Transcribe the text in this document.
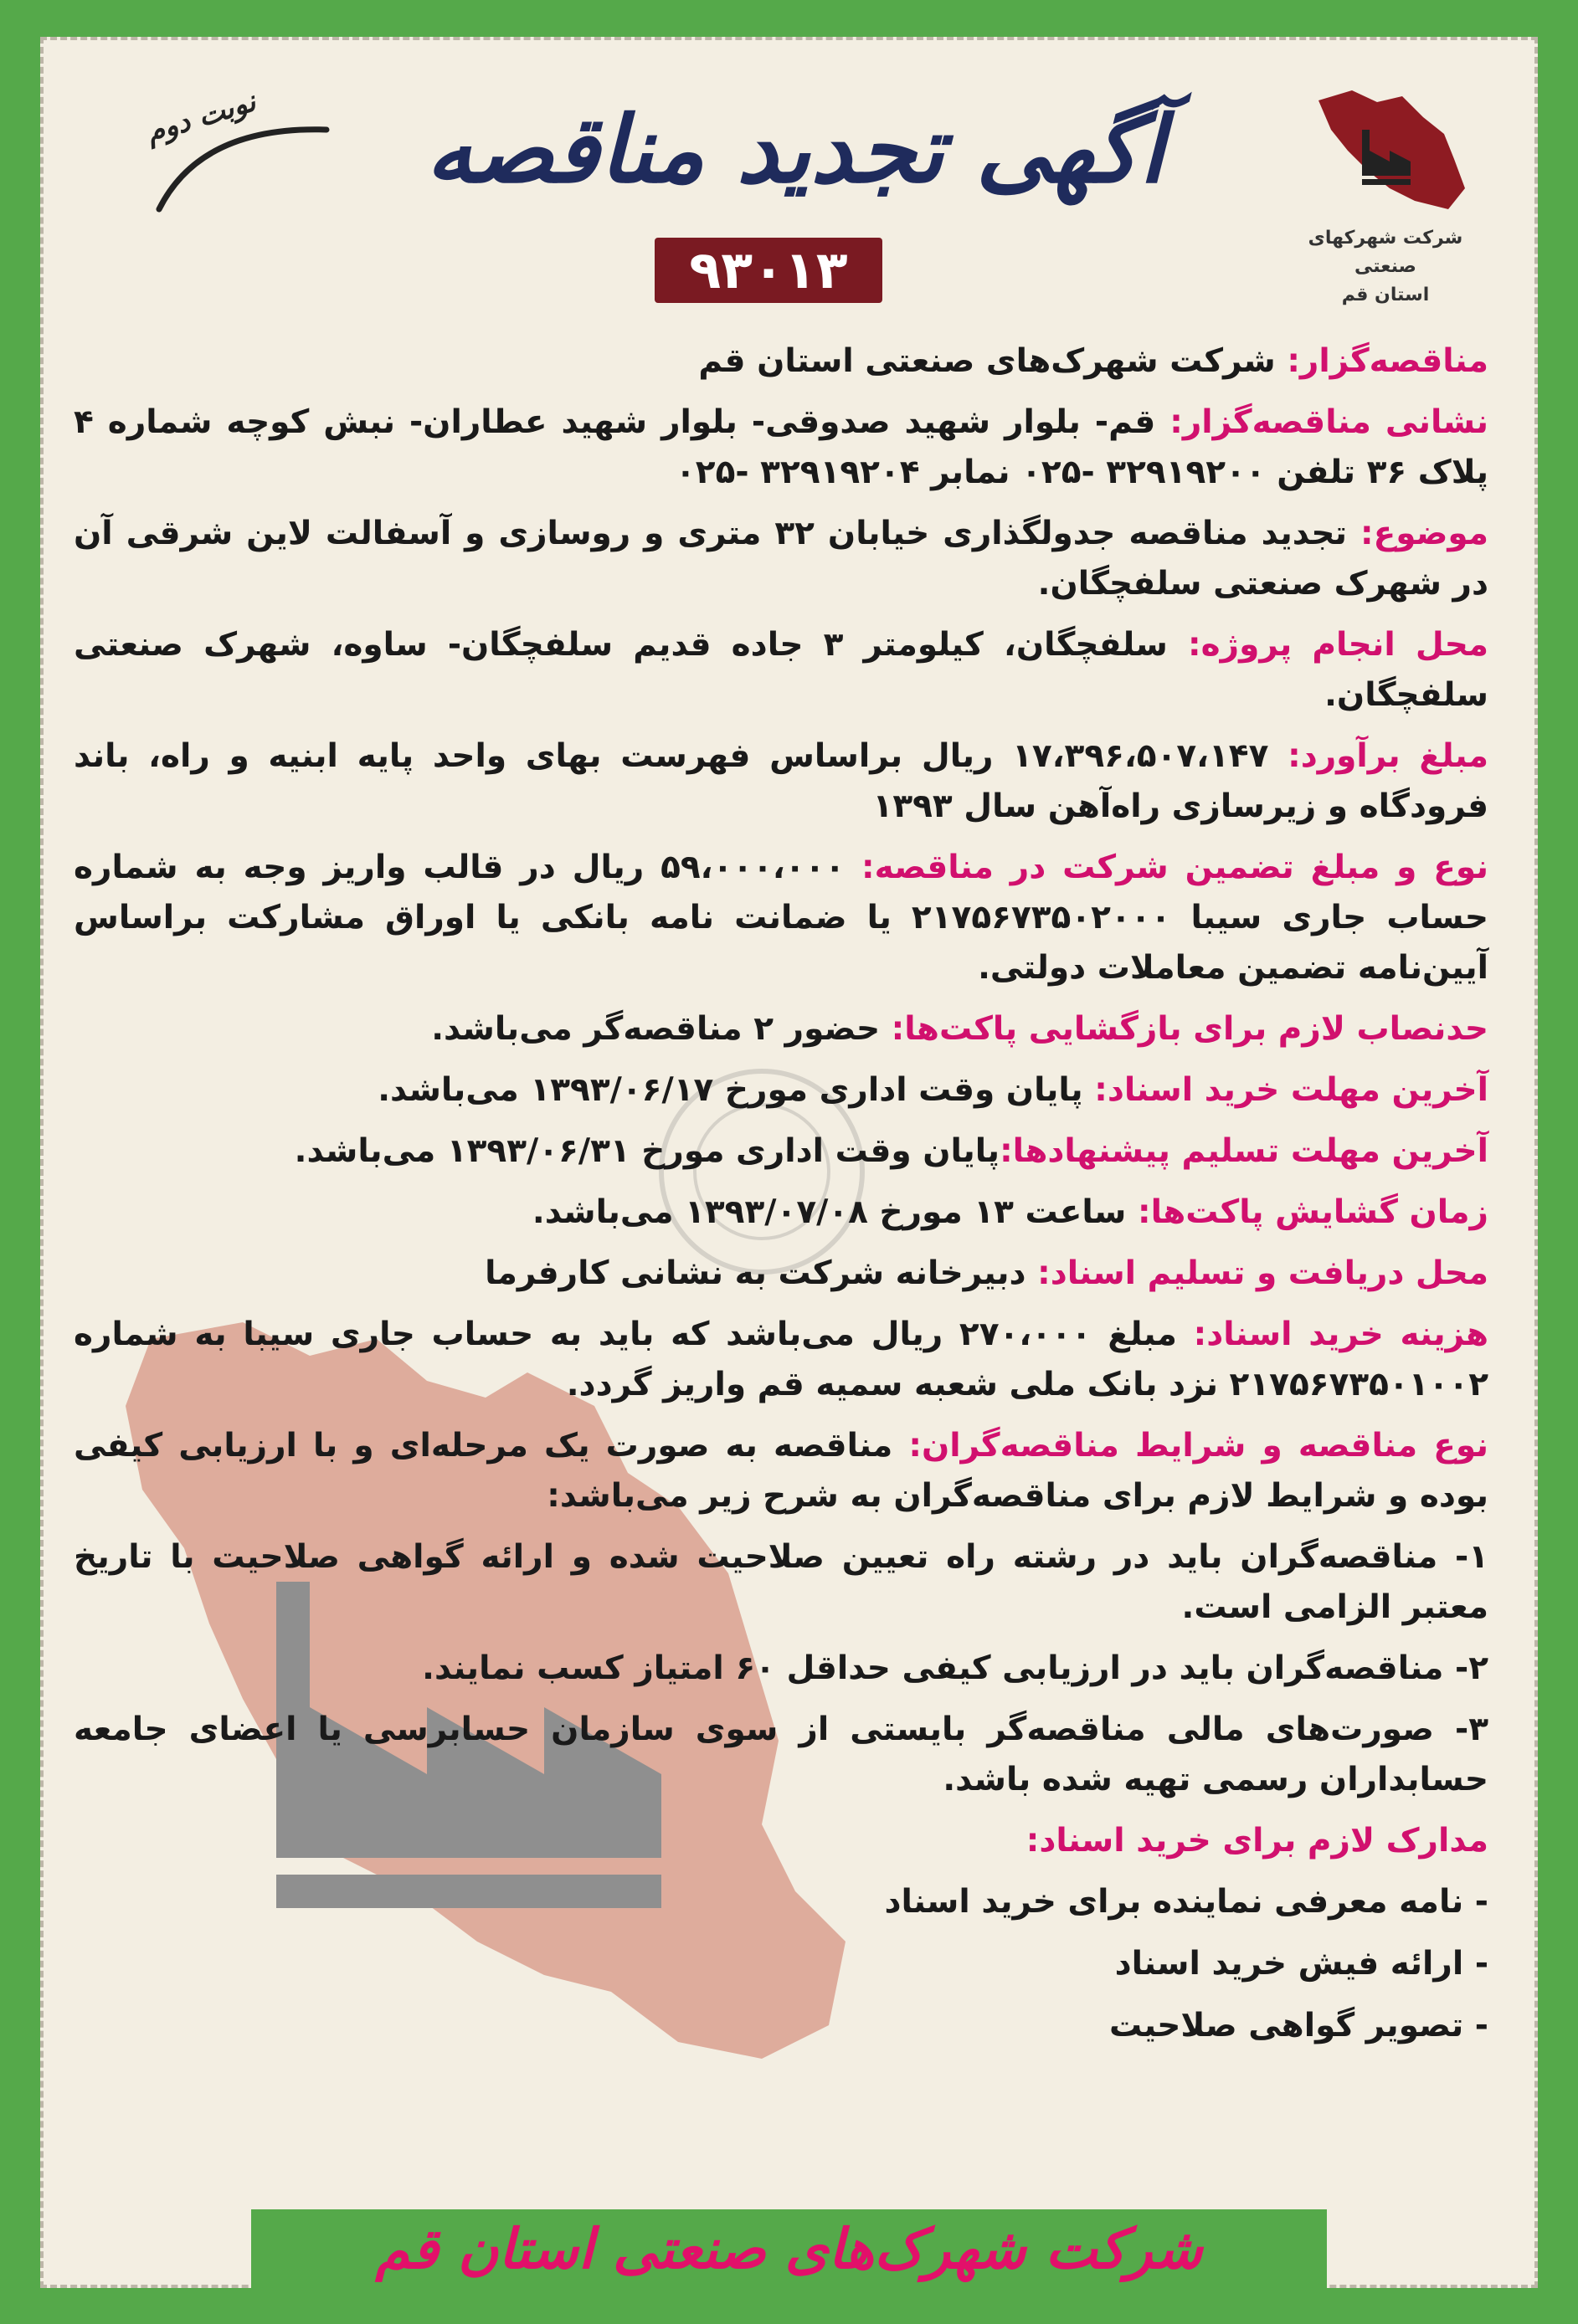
شرکت شهرکهای صنعتی
استان قم
آگهی تجدید مناقصه
نوبت دوم
۹۳۰۱۳

مناقصه‌گزار: شرکت شهرک‌های صنعتی استان قم

نشانی مناقصه‌گزار: قم- بلوار شهید صدوقی- بلوار شهید عطاران- نبش کوچه شماره ۴ پلاک ۳۶ تلفن ۳۲۹۱۹۲۰۰ -۰۲۵ نمابر ۳۲۹۱۹۲۰۴ -۰۲۵

موضوع: تجدید مناقصه جدولگذاری خیابان ۳۲ متری و روسازی و آسفالت لاین شرقی آن در شهرک صنعتی سلفچگان.

محل انجام پروژه: سلفچگان، کیلومتر ۳ جاده قدیم سلفچگان- ساوه، شهرک صنعتی سلفچگان.

مبلغ برآورد: ۱۷،۳۹۶،۵۰۷،۱۴۷ ریال براساس فهرست بهای واحد پایه ابنیه و راه، باند فرودگاه و زیرسازی راه‌آهن سال ۱۳۹۳

نوع و مبلغ تضمین شرکت در مناقصه: ۵۹،۰۰۰،۰۰۰ ریال در قالب واریز وجه به شماره حساب جاری سیبا ۲۱۷۵۶۷۳۵۰۲۰۰۰ یا ضمانت نامه بانکی یا اوراق مشارکت براساس آیین‌نامه تضمین معاملات دولتی.

حدنصاب لازم برای بازگشایی پاکت‌ها: حضور ۲ مناقصه‌گر می‌باشد.

آخرین مهلت خرید اسناد: پایان وقت اداری مورخ ۱۳۹۳/۰۶/۱۷ می‌باشد.

آخرین مهلت تسلیم پیشنهادها:پایان وقت اداری مورخ ۱۳۹۳/۰۶/۳۱ می‌باشد.

زمان گشایش پاکت‌ها: ساعت ۱۳ مورخ ۱۳۹۳/۰۷/۰۸ می‌باشد.

محل دریافت و تسلیم اسناد: دبیرخانه شرکت به نشانی کارفرما

هزینه خرید اسناد: مبلغ ۲۷۰،۰۰۰ ریال می‌باشد که باید به حساب جاری سیبا به شماره ۲۱۷۵۶۷۳۵۰۱۰۰۲ نزد بانک ملی شعبه سمیه قم واریز گردد.

نوع مناقصه و شرایط مناقصه‌گران: مناقصه به صورت یک مرحله‌ای و با ارزیابی کیفی بوده و شرایط لازم برای مناقصه‌گران به شرح زیر می‌باشد:

۱- مناقصه‌گران باید در رشته راه تعیین صلاحیت شده و ارائه گواهی صلاحیت با تاریخ معتبر الزامی است.
۲- مناقصه‌گران باید در ارزیابی کیفی حداقل ۶۰ امتیاز کسب نمایند.
۳- صورت‌های مالی مناقصه‌گر بایستی از سوی سازمان حسابرسی یا اعضای جامعه حسابداران رسمی تهیه شده باشد.
مدارک لازم برای خرید اسناد:
- نامه معرفی نماینده برای خرید اسناد
- ارائه فیش خرید اسناد
- تصویر گواهی صلاحیت
شرکت شهرک‌های صنعتی استان قم
